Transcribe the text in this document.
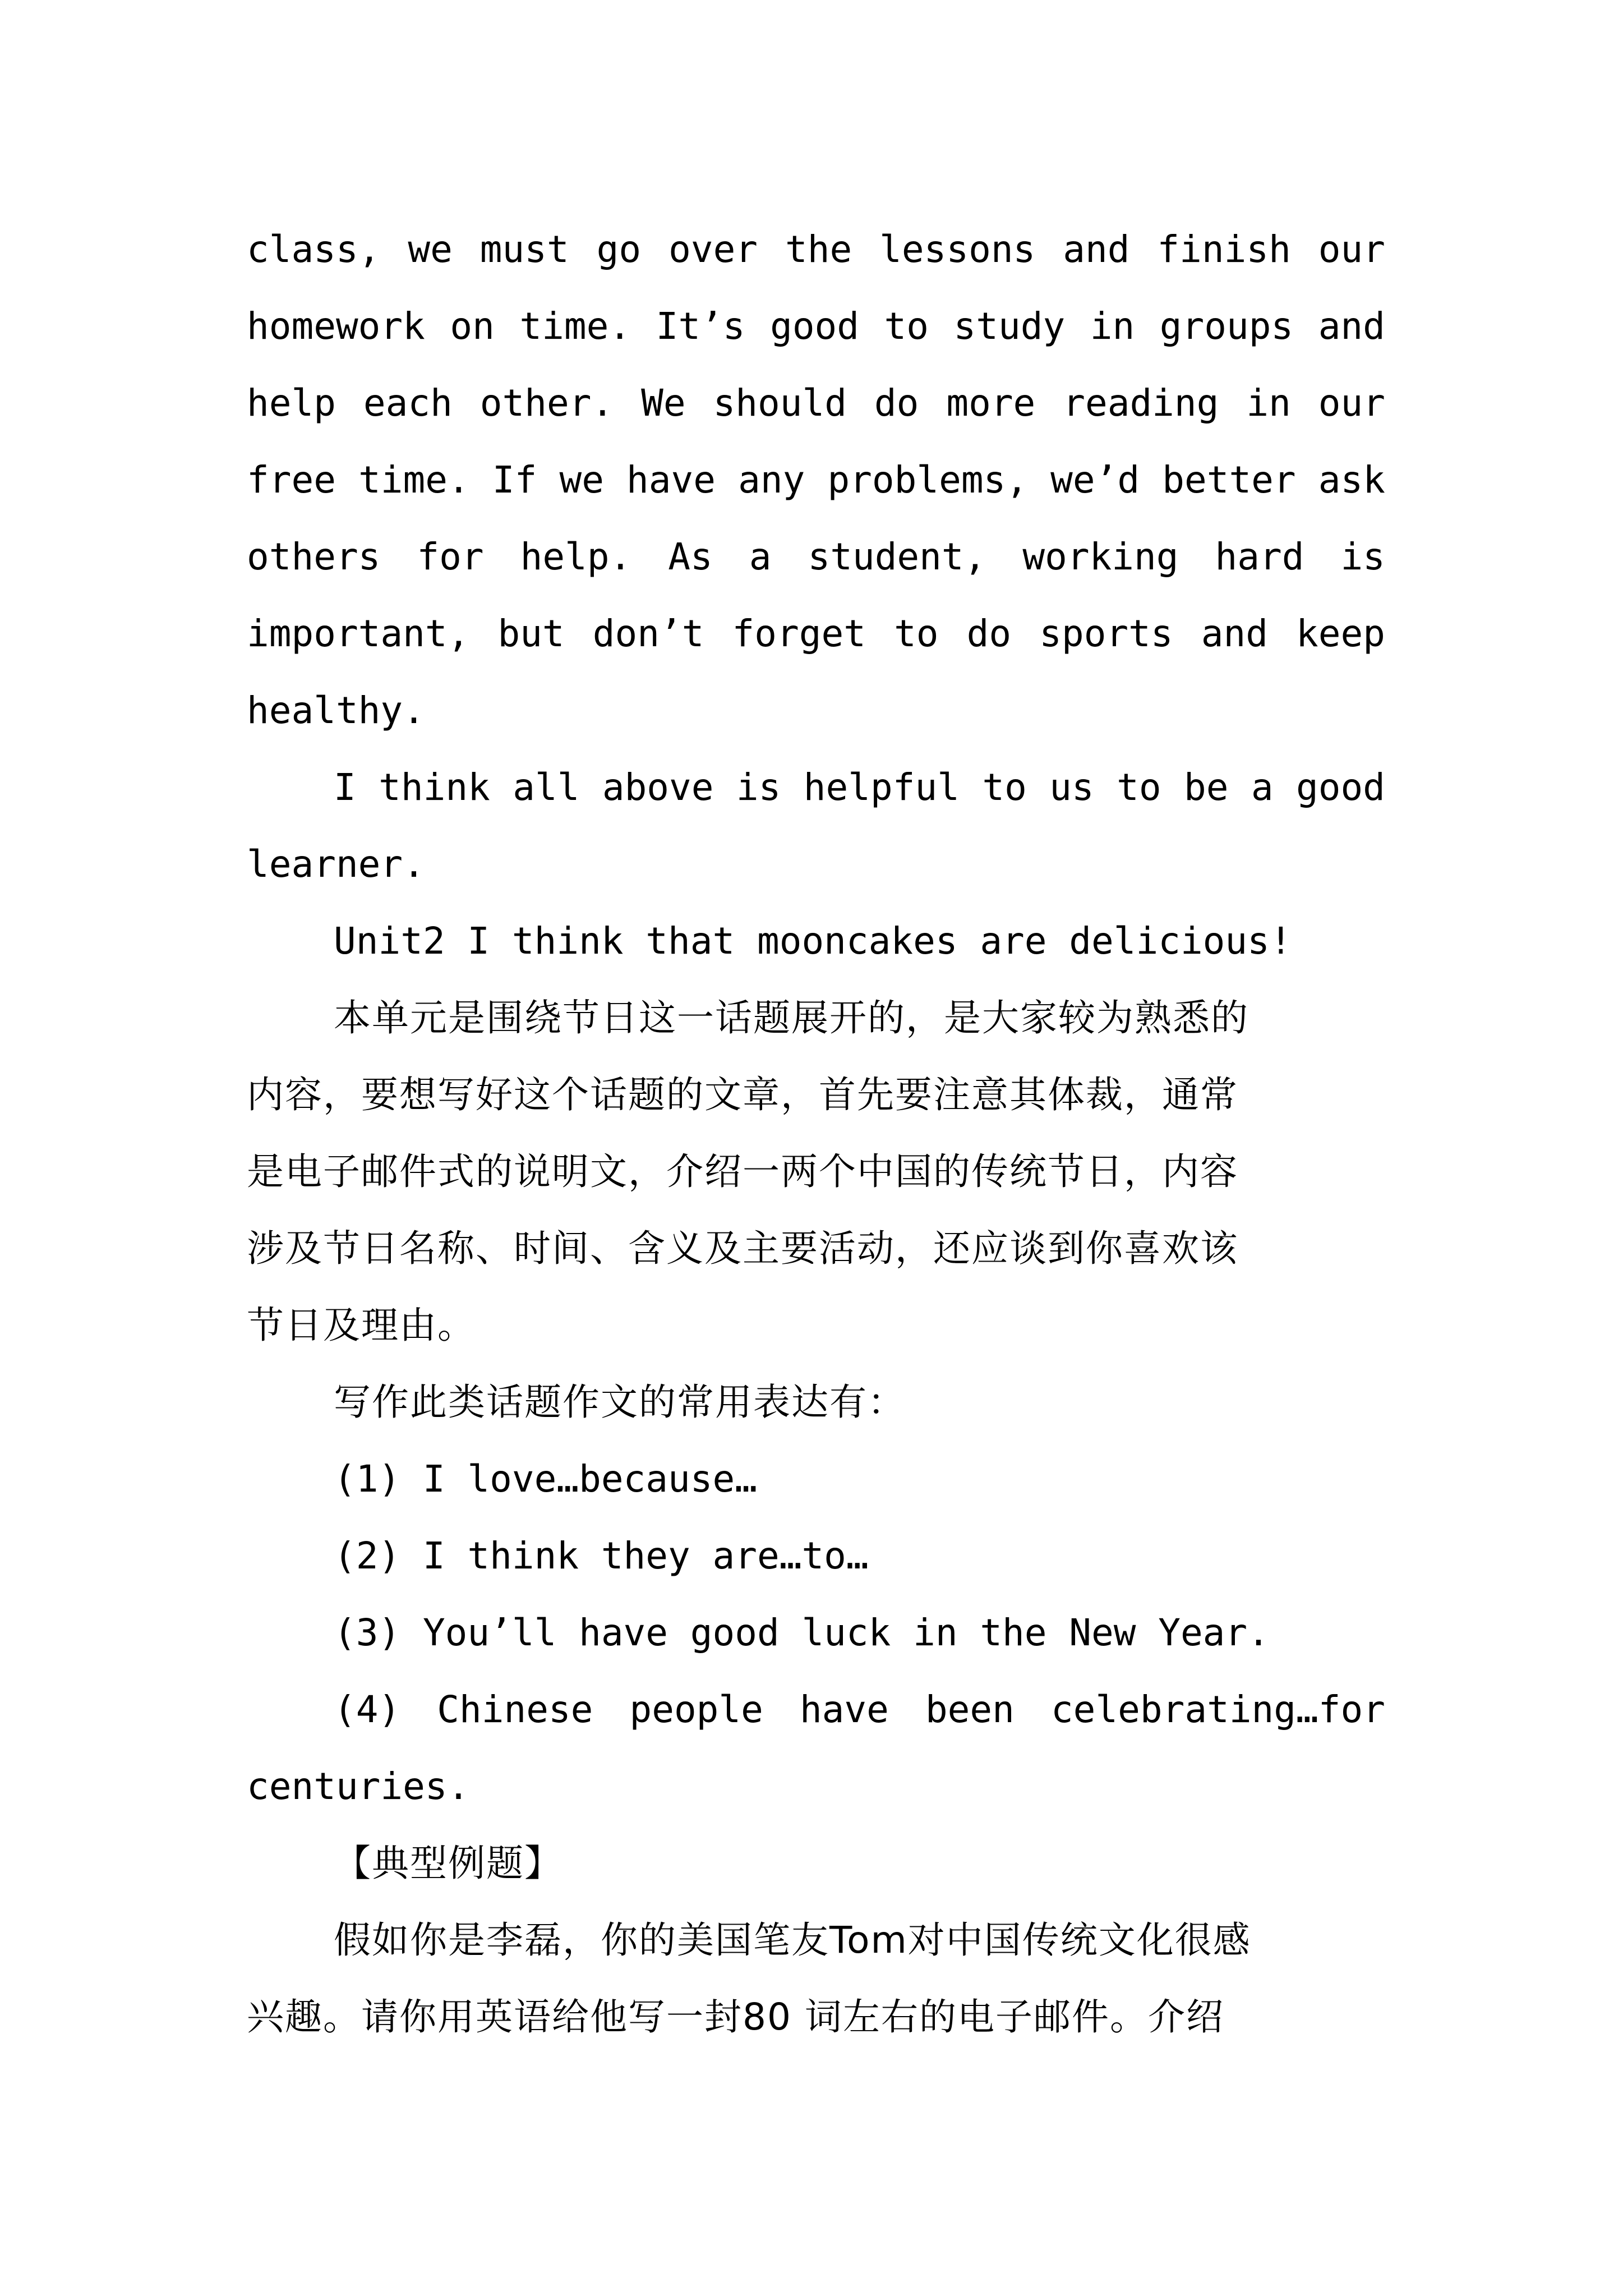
class, we must go over the lessons and finish our
homework on time. It’s good to study in groups and
help each other. We should do more reading in our
free time. If we have any problems, we’d better ask
others for help. As a student, working hard is
important, but don’t forget to do sports and keep
healthy.
I think all above is helpful to us to be a good
learner.
Unit2 I think that mooncakes are delicious!
本单元是围绕节日这一话题展开的，是大家较为熟悉的
内容，要想写好这个话题的文章，首先要注意其体裁，通常
是电子邮件式的说明文，介绍一两个中国的传统节日，内容
涉及节日名称、时间、含义及主要活动，还应谈到你喜欢该
节日及理由。
写作此类话题作文的常用表达有：
(1) I love…because…
(2) I think they are…to…
(3) You’ll have good luck in the New Year.
(4) Chinese people have been celebrating…for
centuries.
【典型例题】
假如你是李磊，你的美国笔友Tom对中国传统文化很感
兴趣。请你用英语给他写一封80 词左右的电子邮件。介绍
